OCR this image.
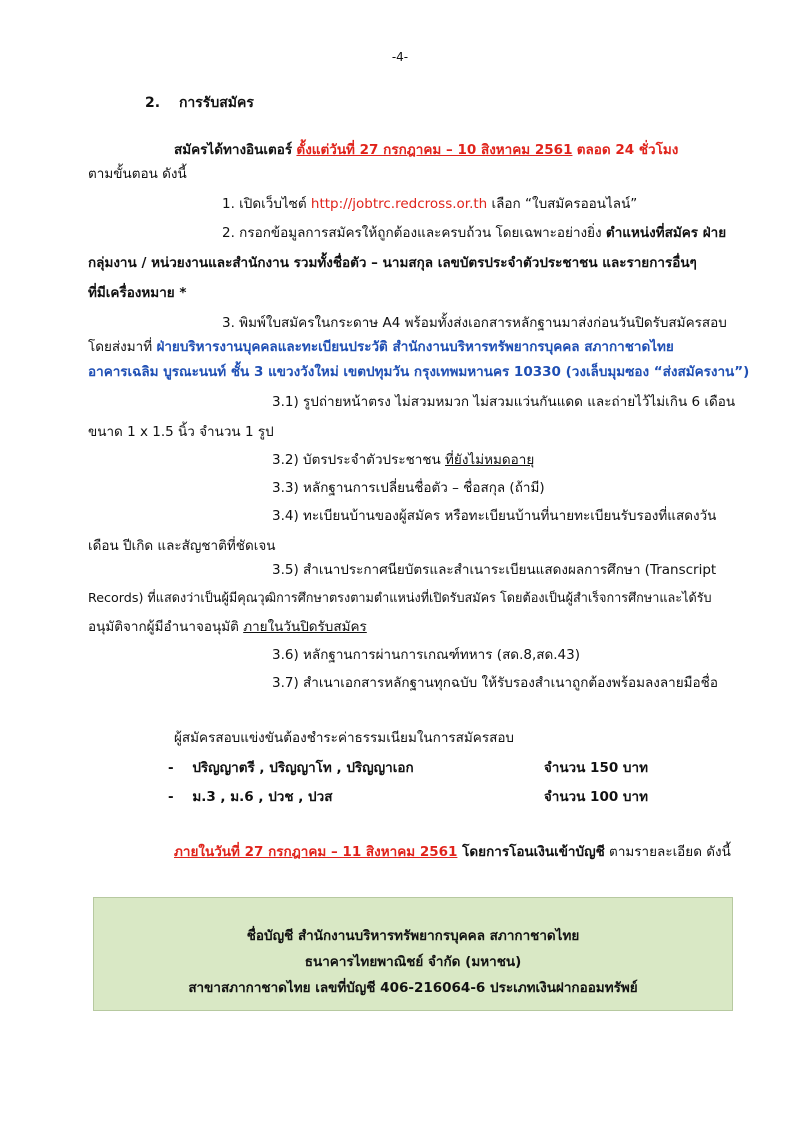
-4-
2. การรับสมัคร
สมัครได้ทางอินเตอร์ ตั้งแต่วันที่ 27 กรกฎาคม – 10 สิงหาคม 2561 ตลอด 24 ชั่วโมง
ตามขั้นตอน ดังนี้
1. เปิดเว็บไซต์ http://jobtrc.redcross.or.th เลือก “ใบสมัครออนไลน์”
2. กรอกข้อมูลการสมัครให้ถูกต้องและครบถ้วน โดยเฉพาะอย่างยิ่ง ตำแหน่งที่สมัคร ฝ่าย
กลุ่มงาน / หน่วยงานและสำนักงาน รวมทั้งชื่อตัว – นามสกุล เลขบัตรประจำตัวประชาชน และรายการอื่นๆ
ที่มีเครื่องหมาย *
3. พิมพ์ใบสมัครในกระดาษ A4 พร้อมทั้งส่งเอกสารหลักฐานมาส่งก่อนวันปิดรับสมัครสอบ
โดยส่งมาที่ ฝ่ายบริหารงานบุคคลและทะเบียนประวัติ สำนักงานบริหารทรัพยากรบุคคล สภากาชาดไทย
อาคารเฉลิม บูรณะนนท์ ชั้น 3 แขวงวังใหม่ เขตปทุมวัน กรุงเทพมหานคร 10330 (วงเล็บมุมซอง “ส่งสมัครงาน”)
3.1) รูปถ่ายหน้าตรง ไม่สวมหมวก ไม่สวมแว่นกันแดด และถ่ายไว้ไม่เกิน 6 เดือน
ขนาด 1 x 1.5 นิ้ว จำนวน 1 รูป
3.2) บัตรประจำตัวประชาชน ที่ยังไม่หมดอายุ
3.3) หลักฐานการเปลี่ยนชื่อตัว – ชื่อสกุล (ถ้ามี)
3.4) ทะเบียนบ้านของผู้สมัคร หรือทะเบียนบ้านที่นายทะเบียนรับรองที่แสดงวัน
เดือน ปีเกิด และสัญชาติที่ชัดเจน
3.5) สำเนาประกาศนียบัตรและสำเนาระเบียนแสดงผลการศึกษา (Transcript
Records) ที่แสดงว่าเป็นผู้มีคุณวุฒิการศึกษาตรงตามตำแหน่งที่เปิดรับสมัคร โดยต้องเป็นผู้สำเร็จการศึกษาและได้รับ
อนุมัติจากผู้มีอำนาจอนุมัติ ภายในวันปิดรับสมัคร
3.6) หลักฐานการผ่านการเกณฑ์ทหาร (สด.8,สด.43)
3.7) สำเนาเอกสารหลักฐานทุกฉบับ ให้รับรองสำเนาถูกต้องพร้อมลงลายมือชื่อ
ผู้สมัครสอบแข่งขันต้องชำระค่าธรรมเนียมในการสมัครสอบ
- ปริญญาตรี , ปริญญาโท , ปริญญาเอก	จำนวน 150 บาท
- ม.3 , ม.6 , ปวช , ปวส	จำนวน 100 บาท
ภายในวันที่ 27 กรกฎาคม – 11 สิงหาคม 2561 โดยการโอนเงินเข้าบัญชี ตามรายละเอียด ดังนี้
ชื่อบัญชี สำนักงานบริหารทรัพยากรบุคคล สภากาชาดไทย
ธนาคารไทยพาณิชย์ จำกัด (มหาชน)
สาขาสภากาชาดไทย เลขที่บัญชี 406-216064-6 ประเภทเงินฝากออมทรัพย์
